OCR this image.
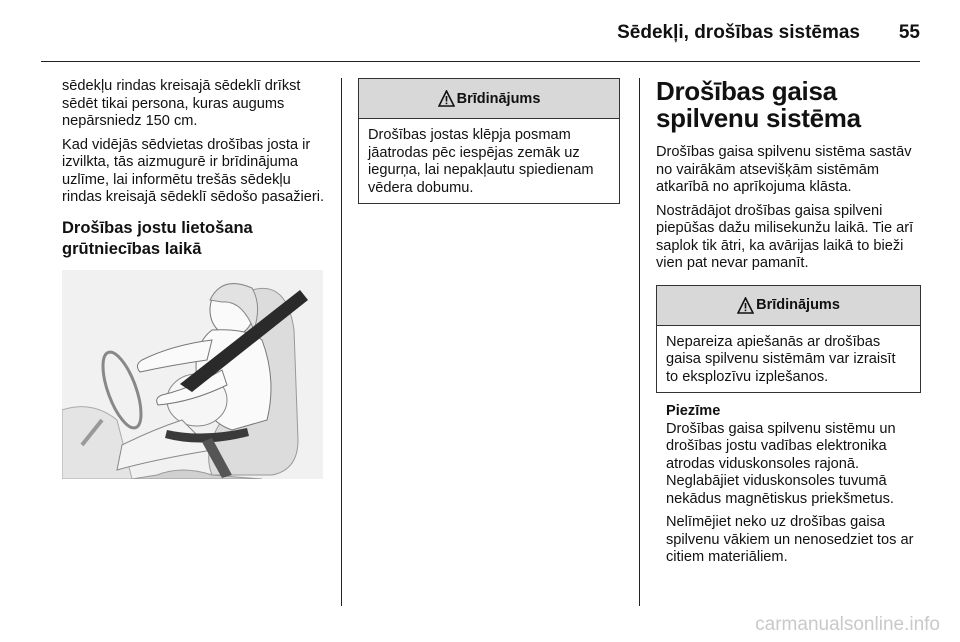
Sēdekļi, drošības sistēmas 55

sēdekļu rindas kreisajā sēdeklī drīkst sēdēt tikai persona, kuras augums nepārsniedz 150 cm.

Kad vidējās sēdvietas drošības josta ir izvilkta, tās aizmugurē ir brīdinājuma uzlīme, lai informētu trešās sēdekļu rindas kreisajā sēdeklī sēdošo pasažieri.

Drošības jostu lietošana grūtniecības laikā
Brīdinājums

Drošības jostas klēpja posmam jāatrodas pēc iespējas zemāk uz iegurņa, lai nepakļautu spiedienam vēdera dobumu.

Drošības gaisa spilvenu sistēma

Drošības gaisa spilvenu sistēma sastāv no vairākām atsevišķām sistēmām atkarībā no aprīkojuma klāsta.

Nostrādājot drošības gaisa spilveni piepūšas dažu milisekunžu laikā. Tie arī saplok tik ātri, ka avārijas laikā to bieži vien pat nevar pamanīt.

Brīdinājums

Nepareiza apiešanās ar drošības gaisa spilvenu sistēmām var izraisīt to eksplozīvu izplešanos.

Piezīme

Drošības gaisa spilvenu sistēmu un drošības jostu vadības elektronika atrodas viduskonsoles rajonā. Neglabājiet viduskonsoles tuvumā nekādus magnētiskus priekšmetus.

Nelīmējiet neko uz drošības gaisa spilvenu vākiem un nenosedziet tos ar citiem materiāliem.

carmanualsonline.info
